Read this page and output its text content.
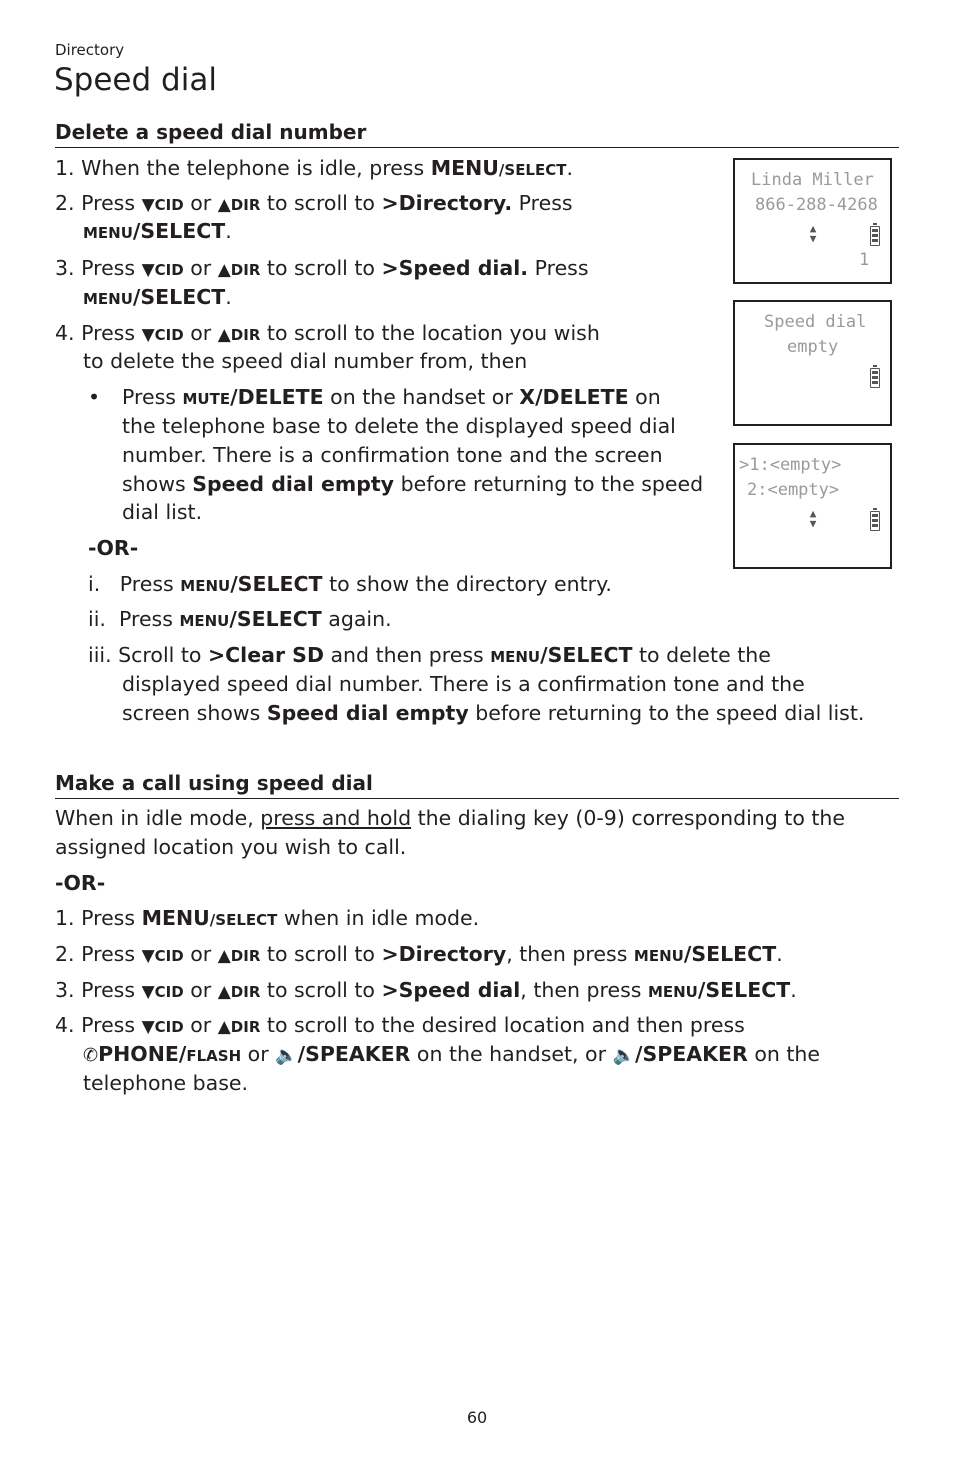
Directory
Speed dial
Delete a speed dial number
1. When the telephone is idle, press MENU/SELECT.
2. Press ▼CID or ▲DIR to scroll to >Directory. Press
MENU/SELECT.
3. Press ▼CID or ▲DIR to scroll to >Speed dial. Press
MENU/SELECT.
4. Press ▼CID or ▲DIR to scroll to the location you wish
to delete the speed dial number from, then
• Press MUTE/DELETE on the handset or X/DELETE on
the telephone base to delete the displayed speed dial
number. There is a confirmation tone and the screen
shows Speed dial empty before returning to the speed
dial list.
-OR-
i. Press MENU/SELECT to show the directory entry.
ii. Press MENU/SELECT again.
iii. Scroll to >Clear SD and then press MENU/SELECT to delete the
displayed speed dial number. There is a confirmation tone and the
screen shows Speed dial empty before returning to the speed dial list.
Make a call using speed dial
When in idle mode, press and hold the dialing key (0-9) corresponding to the
assigned location you wish to call.
-OR-
1. Press MENU/SELECT when in idle mode.
2. Press ▼CID or ▲DIR to scroll to >Directory, then press MENU/SELECT.
3. Press ▼CID or ▲DIR to scroll to >Speed dial, then press MENU/SELECT.
4. Press ▼CID or ▲DIR to scroll to the desired location and then press
✆PHONE/FLASH or 🔈/SPEAKER on the handset, or 🔈/SPEAKER on the
telephone base.
Linda Miller
866-288-4268
▲
▼
1
Speed dial
empty
>1:<empty>
2:<empty>
▲
▼
60
